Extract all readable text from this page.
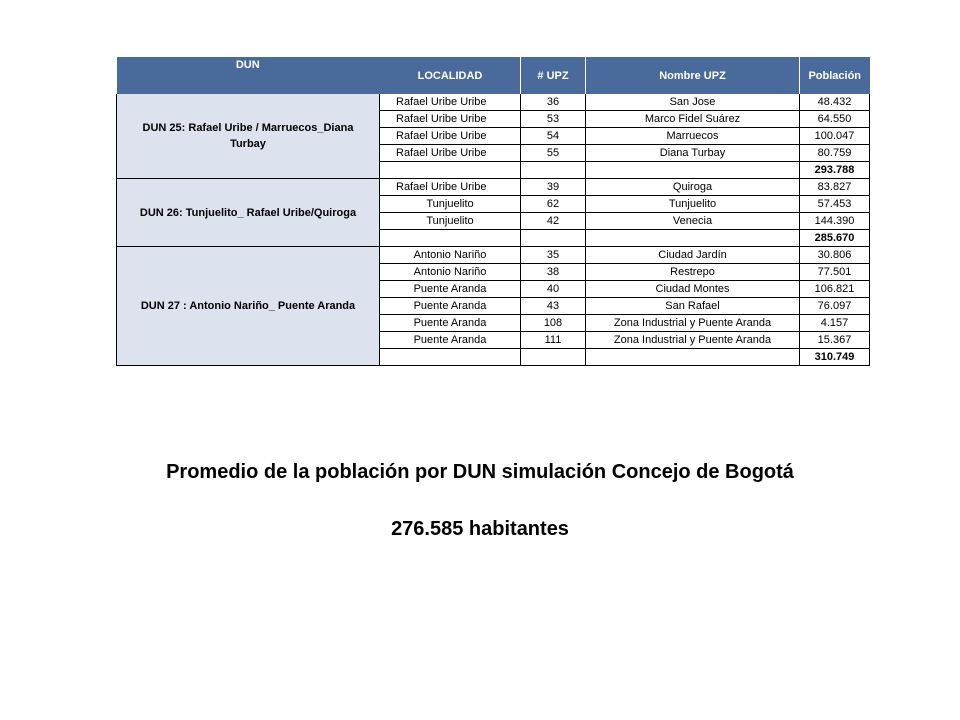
DUN	LOCALIDAD	# UPZ	Nombre UPZ	Población
DUN 25: Rafael Uribe / Marruecos_Diana Turbay	Rafael Uribe Uribe	36	San Jose	48.432
	Rafael Uribe Uribe	53	Marco Fidel Suárez	64.550
	Rafael Uribe Uribe	54	Marruecos	100.047
	Rafael Uribe Uribe	55	Diana Turbay	80.759
				293.788
DUN 26: Tunjuelito_ Rafael Uribe/Quiroga	Rafael Uribe Uribe	39	Quiroga	83.827
	Tunjuelito	62	Tunjuelito	57.453
	Tunjuelito	42	Venecia	144.390
				285.670
DUN 27 : Antonio Nariño_ Puente Aranda	Antonio Nariño	35	Ciudad Jardín	30.806
	Antonio Nariño	38	Restrepo	77.501
	Puente Aranda	40	Ciudad Montes	106.821
	Puente Aranda	43	San Rafael	76.097
	Puente Aranda	108	Zona Industrial y Puente Aranda	4.157
	Puente Aranda	111	Zona Industrial y Puente Aranda	15.367
				310.749
Promedio de la población por DUN simulación Concejo de Bogotá
276.585 habitantes
